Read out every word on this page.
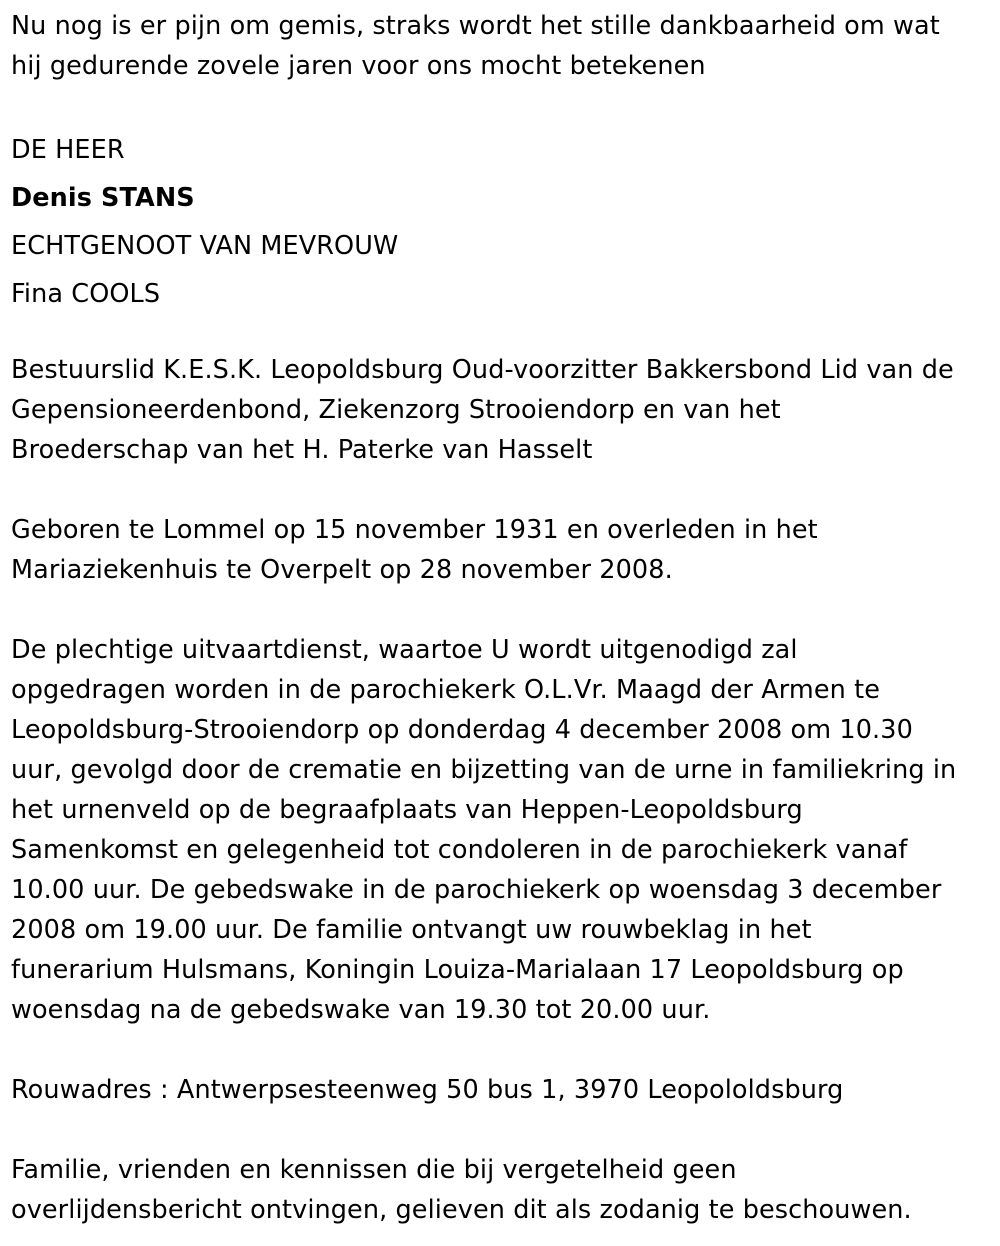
Nu nog is er pijn om gemis, straks wordt het stille dankbaarheid om wat
hij gedurende zovele jaren voor ons mocht betekenen
DE HEER
Denis STANS
ECHTGENOOT VAN MEVROUW
Fina COOLS
Bestuurslid K.E.S.K. Leopoldsburg Oud-voorzitter Bakkersbond Lid van de
Gepensioneerdenbond, Ziekenzorg Strooiendorp en van het
Broederschap van het H. Paterke van Hasselt
Geboren te Lommel op 15 november 1931 en overleden in het
Mariaziekenhuis te Overpelt op 28 november 2008.
De plechtige uitvaartdienst, waartoe U wordt uitgenodigd zal
opgedragen worden in de parochiekerk O.L.Vr. Maagd der Armen te
Leopoldsburg-Strooiendorp op donderdag 4 december 2008 om 10.30
uur, gevolgd door de crematie en bijzetting van de urne in familiekring in
het urnenveld op de begraafplaats van Heppen-Leopoldsburg
Samenkomst en gelegenheid tot condoleren in de parochiekerk vanaf
10.00 uur. De gebedswake in de parochiekerk op woensdag 3 december
2008 om 19.00 uur. De familie ontvangt uw rouwbeklag in het
funerarium Hulsmans, Koningin Louiza-Marialaan 17 Leopoldsburg op
woensdag na de gebedswake van 19.30 tot 20.00 uur.
Rouwadres : Antwerpsesteenweg 50 bus 1, 3970 Leopololdsburg
Familie, vrienden en kennissen die bij vergetelheid geen
overlijdensbericht ontvingen, gelieven dit als zodanig te beschouwen.
